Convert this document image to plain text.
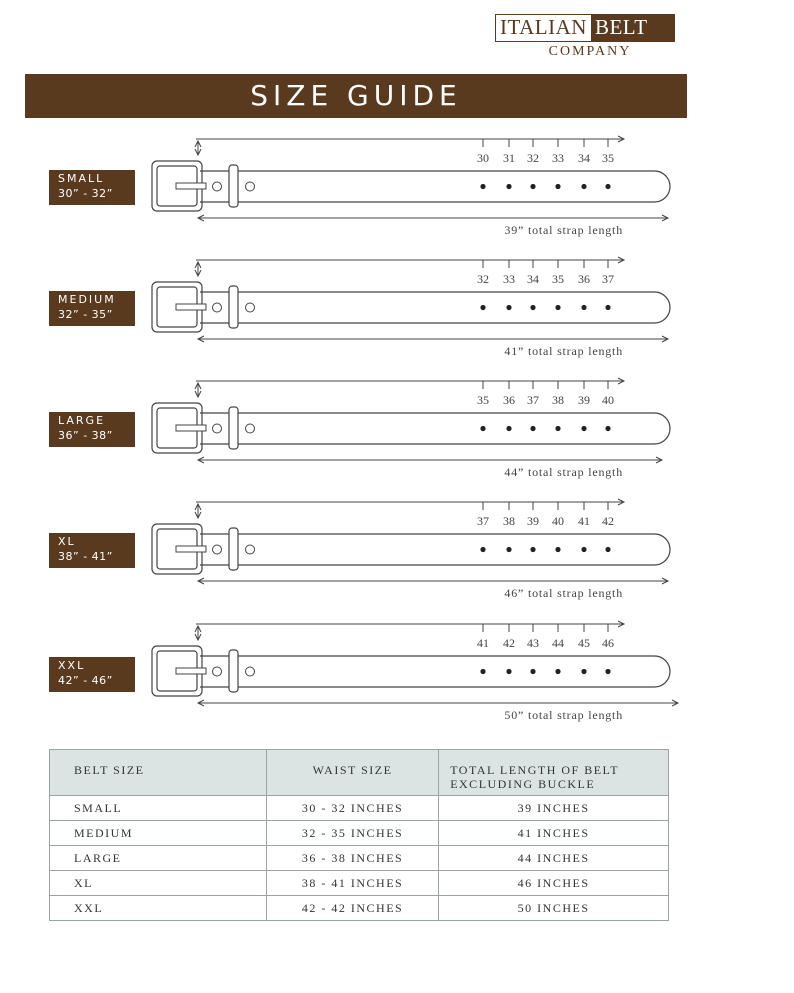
ITALIAN BELT
COMPANY
SIZE GUIDE
30 31 32 33 34 35
39” total strap length
32 33 34 35 36 37
41” total strap length
35 36 37 38 39 40
44” total strap length
37 38 39 40 41 42
46” total strap length
41 42 43 44 45 46
50” total strap length
SMALL
30” - 32”
MEDIUM
32” - 35”
LARGE
36” - 38”
XL
38” - 41”
XXL
42” - 46”
BELT SIZE	WAIST SIZE	TOTAL LENGTH OF BELT
EXCLUDING BUCKLE
SMALL	30 - 32 INCHES	39 INCHES
MEDIUM	32 - 35 INCHES	41 INCHES
LARGE	36 - 38 INCHES	44 INCHES
XL	38 - 41 INCHES	46 INCHES
XXL	42 - 42 INCHES	50 INCHES
